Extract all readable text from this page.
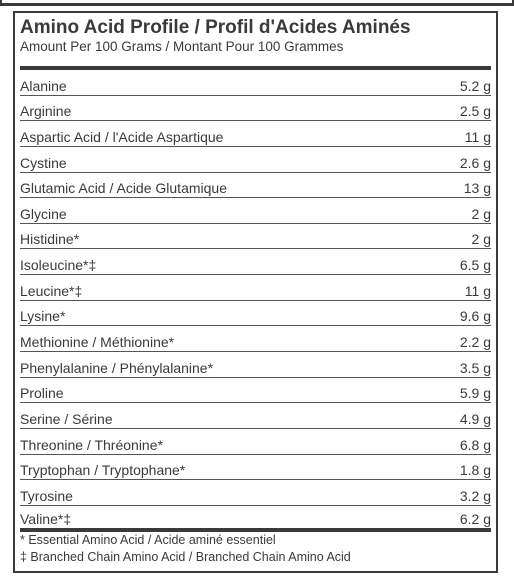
Amino Acid Profile / Profil d'Acides Aminés
Amount Per 100 Grams / Montant Pour 100 Grammes
Alanine	5.2 g
Arginine	2.5 g
Aspartic Acid / l'Acide Aspartique	11 g
Cystine	2.6 g
Glutamic Acid / Acide Glutamique	13 g
Glycine	2 g
Histidine*	2 g
Isoleucine*‡	6.5 g
Leucine*‡	11 g
Lysine*	9.6 g
Methionine / Méthionine*	2.2 g
Phenylalanine / Phénylalanine*	3.5 g
Proline	5.9 g
Serine / Sérine	4.9 g
Threonine / Thréonine*	6.8 g
Tryptophan / Tryptophane*	1.8 g
Tyrosine	3.2 g
Valine*‡	6.2 g
* Essential Amino Acid / Acide aminé essentiel
‡ Branched Chain Amino Acid / Branched Chain Amino Acid
